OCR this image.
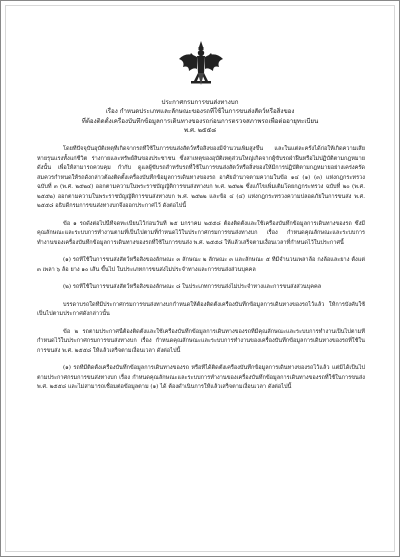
ประกาศกรมการขนส่งทางบก
เรื่อง กำหนดประเภทและลักษณะของรถที่ใช้ในการขนส่งสัตว์หรือสิ่งของ
ที่ต้องติดตั้งเครื่องบันทึกข้อมูลการเดินทางของรถก่อนการตรวจสภาพรถเพื่อต่ออายุทะเบียน
พ.ศ. ๒๕๕๘
โดยที่ปัจจุบันอุบัติเหตุที่เกิดจากรถที่ใช้ในการขนส่งสัตว์หรือสิ่งของมีจำนวนเพิ่มสูงขึ้น และในแต่ละครั้งได้ก่อให้เกิดความเสียหายรุนแรงทั้งแก่ชีวิต ร่างกายและทรัพย์สินของประชาชน ซึ่งสาเหตุของอุบัติเหตุส่วนใหญ่เกิดจากผู้ขับรถฝ่าฝืนหรือไม่ปฏิบัติตามกฎหมาย ดังนั้น เพื่อให้สามารถควบคุม กำกับ ดูแลผู้ขับรถสำหรับรถที่ใช้ในการขนส่งสัตว์หรือสิ่งของให้มีการปฏิบัติตามกฎหมายอย่างเคร่งครัด สมควรกำหนดให้รถดังกล่าวต้องติดตั้งเครื่องบันทึกข้อมูลการเดินทางของรถ อาศัยอำนาจตามความในข้อ ๑๔ (๑) (๓) แห่งกฎกระทรวง ฉบับที่ ๓ (พ.ศ. ๒๕๒๔) ออกตามความในพระราชบัญญัติการขนส่งทางบก พ.ศ. ๒๕๒๒ ซึ่งแก้ไขเพิ่มเติมโดยกฎกระทรวง ฉบับที่ ๒๐ (พ.ศ. ๒๕๕๒) ออกตามความในพระราชบัญญัติการขนส่งทางบก พ.ศ. ๒๕๒๒ และข้อ ๔ (๔) แห่งกฎกระทรวงความปลอดภัยในการขนส่ง พ.ศ. ๒๕๕๘ อธิบดีกรมการขนส่งทางบกจึงออกประกาศไว้ ดังต่อไปนี้
ข้อ ๑ รถดังต่อไปนี้ที่จดทะเบียนไว้ก่อนวันที่ ๒๕ มกราคม ๒๕๕๘ ต้องติดตั้งและใช้เครื่องบันทึกข้อมูลการเดินทางของรถ ซึ่งมีคุณลักษณะและระบบการทำงานตามที่เป็นไปตามที่กำหนดไว้ในประกาศกรมการขนส่งทางบก เรื่อง กำหนดคุณลักษณะและระบบการทำงานของเครื่องบันทึกข้อมูลการเดินทางของรถที่ใช้ในการขนส่ง พ.ศ. ๒๕๕๘ ให้แล้วเสร็จตามเงื่อนเวลาที่กำหนดไว้ในประกาศนี้
(๑) รถที่ใช้ในการขนส่งสัตว์หรือสิ่งของลักษณะ ๓ ลักษณะ ๒ ลักษณะ ๓ และลักษณะ ๕ ที่มีจำนวนเพลาล้อ กงล้อและยาง ตั้งแต่ ๓ เพลา ๖ ล้อ ยาง ๑๐ เส้น ขึ้นไป ในประเภทการขนส่งไม่ประจำทางและการขนส่งส่วนบุคคล
(๒) รถที่ใช้ในการขนส่งสัตว์หรือสิ่งของลักษณะ ๘ ในประเภทการขนส่งไม่ประจำทางและการขนส่งส่วนบุคคล
บรรดาบรถใดที่มีประกาศกรมการขนส่งทางบกกำหนดให้ต้องติดตั้งเครื่องบันทึกข้อมูลการเดินทางของรถไว้แล้ว ให้การบังคับใช้เป็นไปตามประกาศดังกล่าวนั้น
ข้อ ๒ รถตามประกาศนี้ต้องติดตั้งและใช้เครื่องบันทึกข้อมูลการเดินทางของรถที่มีคุณลักษณะและระบบการทำงานเป็นไปตามที่กำหนดไว้ในประกาศกรมการขนส่งทางบก เรื่อง กำหนดคุณลักษณะและระบบการทำงานของเครื่องบันทึกข้อมูลการเดินทางของรถที่ใช้ในการขนส่ง พ.ศ. ๒๕๕๘ ให้แล้วเสร็จตามเงื่อนเวลา ดังต่อไปนี้
(๑) รถที่มีติดตั้งเครื่องบันทึกข้อมูลการเดินทางของรถ หรือที่ได้ติดตั้งเครื่องบันทึกข้อมูลการเดินทางของรถไว้แล้ว แต่มิได้เป็นไปตามประกาศกรมการขนส่งทางบก เรื่อง กำหนดคุณลักษณะและระบบการทำงานของเครื่องบันทึกข้อมูลการเดินทางของรถที่ใช้ในการขนส่ง พ.ศ. ๒๕๕๘ และไม่สามารถเชื่อมต่อข้อมูลตาม (๑) ได้ ต้องดำเนินการให้แล้วเสร็จตามเงื่อนเวลา ดังต่อไปนี้
